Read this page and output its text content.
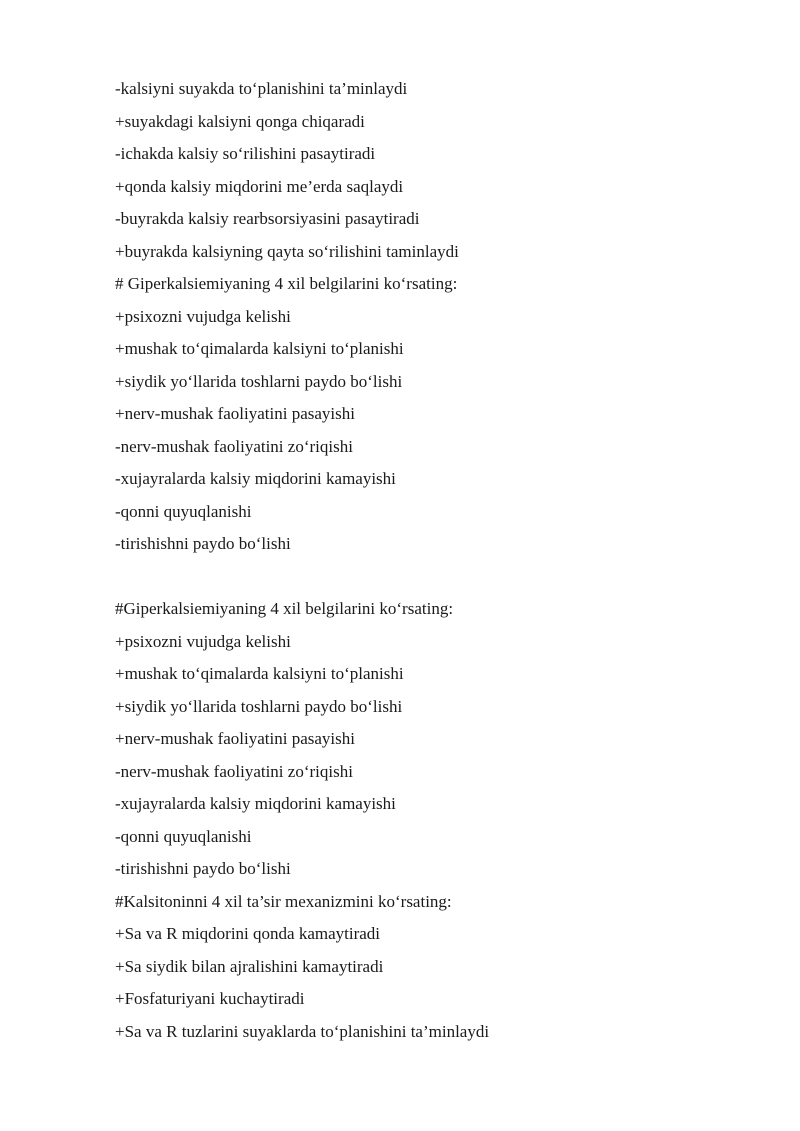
-kalsiyni suyakda to‘planishini ta’minlaydi
+suyakdagi kalsiyni qonga chiqaradi
-ichakda kalsiy so‘rilishini pasaytiradi
+qonda kalsiy miqdorini me’erda saqlaydi
-buyrakda kalsiy rearbsorsiyasini pasaytiradi
+buyrakda kalsiyning qayta so‘rilishini taminlaydi
# Giperkalsiemiyaning 4 xil belgilarini ko‘rsating:
+psixozni vujudga kelishi
+mushak to‘qimalarda kalsiyni to‘planishi
+siydik yo‘llarida toshlarni paydo bo‘lishi
+nerv-mushak faoliyatini pasayishi
-nerv-mushak faoliyatini zo‘riqishi
-xujayralarda kalsiy miqdorini kamayishi
-qonni quyuqlanishi
-tirishishni paydo bo‘lishi
#Giperkalsiemiyaning 4 xil belgilarini ko‘rsating:
+psixozni vujudga kelishi
+mushak to‘qimalarda kalsiyni to‘planishi
+siydik yo‘llarida toshlarni paydo bo‘lishi
+nerv-mushak faoliyatini pasayishi
-nerv-mushak faoliyatini zo‘riqishi
-xujayralarda kalsiy miqdorini kamayishi
-qonni quyuqlanishi
-tirishishni paydo bo‘lishi
#Kalsitoninni 4 xil ta’sir mexanizmini ko‘rsating:
+Sa va R miqdorini qonda kamaytiradi
+Sa siydik bilan ajralishini kamaytiradi
+Fosfaturiyani kuchaytiradi
+Sa va R tuzlarini suyaklarda to‘planishini ta’minlaydi
